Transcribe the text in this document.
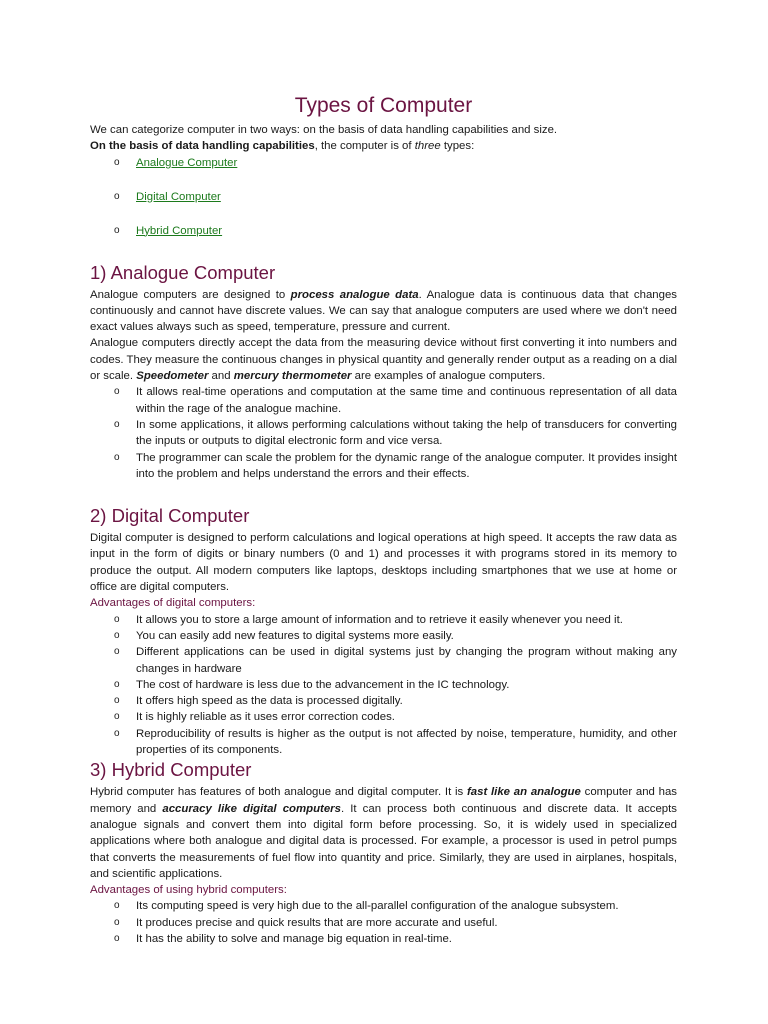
Types of Computer

We can categorize computer in two ways: on the basis of data handling capabilities and size.

On the basis of data handling capabilities, the computer is of three types:

o Analogue Computer
o Digital Computer
o Hybrid Computer
1) Analogue Computer

Analogue computers are designed to process analogue data. Analogue data is continuous data that changes continuously and cannot have discrete values. We can say that analogue computers are used where we don't need exact values always such as speed, temperature, pressure and current.

Analogue computers directly accept the data from the measuring device without first converting it into numbers and codes. They measure the continuous changes in physical quantity and generally render output as a reading on a dial or scale. Speedometer and mercury thermometer are examples of analogue computers.

o It allows real-time operations and computation at the same time and continuous representation of all data within the rage of the analogue machine.
o In some applications, it allows performing calculations without taking the help of transducers for converting the inputs or outputs to digital electronic form and vice versa.
o The programmer can scale the problem for the dynamic range of the analogue computer. It provides insight into the problem and helps understand the errors and their effects.
2) Digital Computer

Digital computer is designed to perform calculations and logical operations at high speed. It accepts the raw data as input in the form of digits or binary numbers (0 and 1) and processes it with programs stored in its memory to produce the output. All modern computers like laptops, desktops including smartphones that we use at home or office are digital computers.

Advantages of digital computers:
o It allows you to store a large amount of information and to retrieve it easily whenever you need it.
o You can easily add new features to digital systems more easily.
o Different applications can be used in digital systems just by changing the program without making any changes in hardware
o The cost of hardware is less due to the advancement in the IC technology.
o It offers high speed as the data is processed digitally.
o It is highly reliable as it uses error correction codes.
o Reproducibility of results is higher as the output is not affected by noise, temperature, humidity, and other properties of its components.
3) Hybrid Computer

Hybrid computer has features of both analogue and digital computer. It is fast like an analogue computer and has memory and accuracy like digital computers. It can process both continuous and discrete data. It accepts analogue signals and convert them into digital form before processing. So, it is widely used in specialized applications where both analogue and digital data is processed. For example, a processor is used in petrol pumps that converts the measurements of fuel flow into quantity and price. Similarly, they are used in airplanes, hospitals, and scientific applications.

Advantages of using hybrid computers:
o Its computing speed is very high due to the all-parallel configuration of the analogue subsystem.
o It produces precise and quick results that are more accurate and useful.
o It has the ability to solve and manage big equation in real-time.
